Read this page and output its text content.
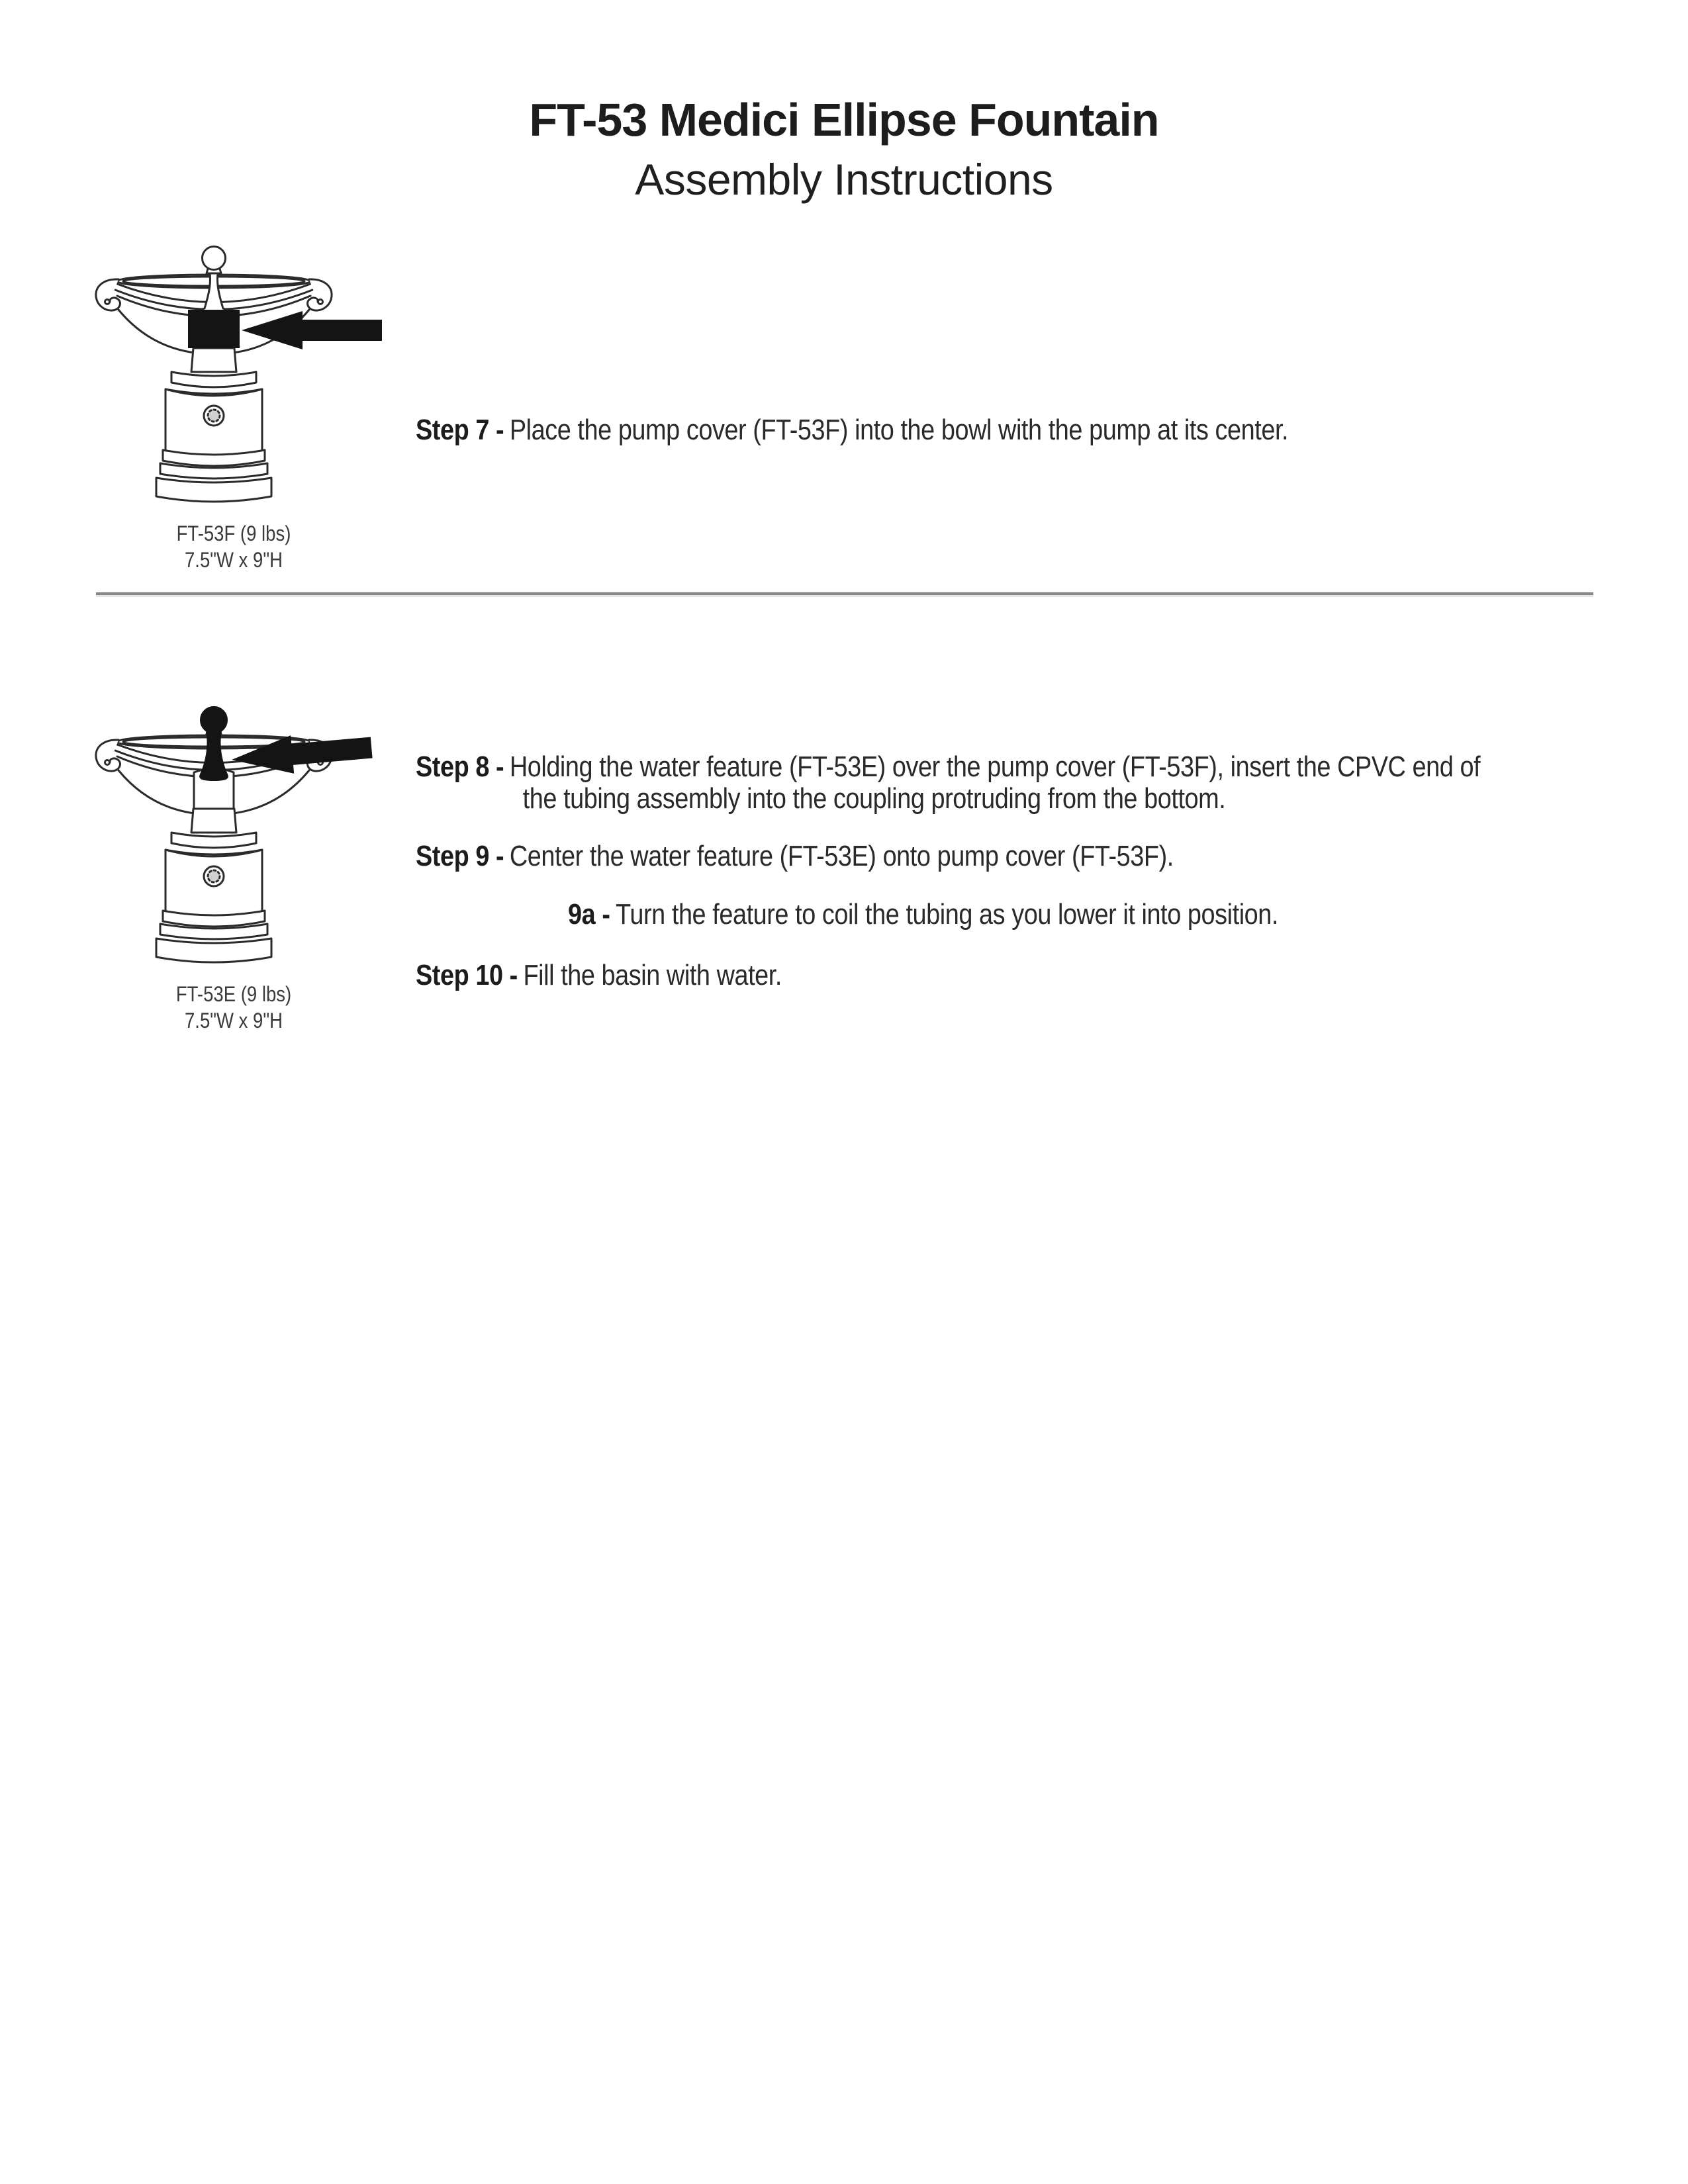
FT-53 Medici Ellipse Fountain
Assembly Instructions
FT-53F (9 lbs)
7.5"W x 9"H
Step 7 - Place the pump cover (FT-53F) into the bowl with the pump at its center.
FT-53E (9 lbs)
7.5"W x 9"H
Step 8 - Holding the water feature (FT-53E) over the pump cover (FT-53F), insert the CPVC end of
the tubing assembly into the coupling protruding from the bottom.
Step 9 - Center the water feature (FT-53E) onto pump cover (FT-53F).
9a - Turn the feature to coil the tubing as you lower it into position.
Step 10 - Fill the basin with water.
